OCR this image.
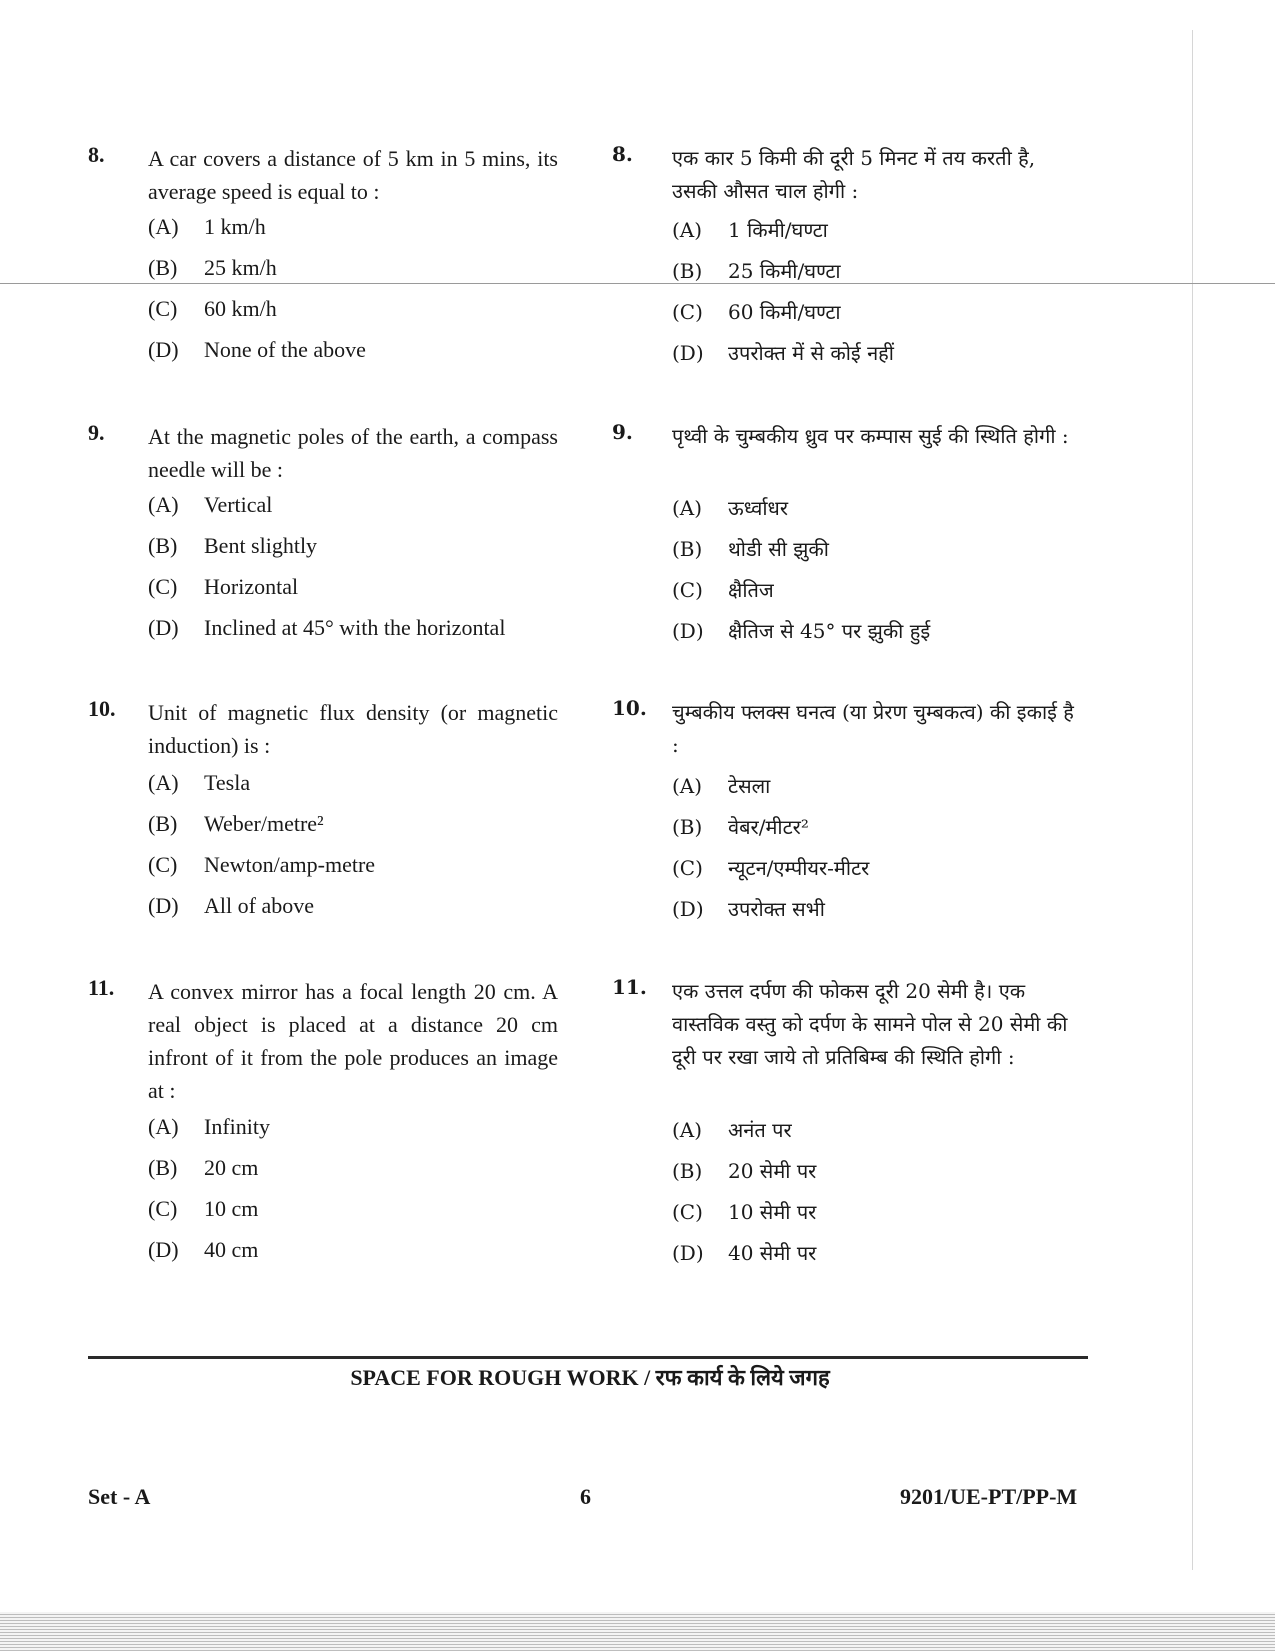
8.	A car covers a distance of 5 km in 5 mins, its average speed is equal to :
(A) 1 km/h
(B) 25 km/h
(C) 60 km/h
(D) None of the above
9.	At the magnetic poles of the earth, a compass needle will be :
(A) Vertical
(B) Bent slightly
(C) Horizontal
(D) Inclined at 45° with the horizontal
10.	Unit of magnetic flux density (or magnetic induction) is :
(A) Tesla
(B) Weber/metre²
(C) Newton/amp-metre
(D) All of above
11.	A convex mirror has a focal length 20 cm. A real object is placed at a distance 20 cm infront of it from the pole produces an image at :
(A) Infinity
(B) 20 cm
(C) 10 cm
(D) 40 cm
8.	एक कार 5 किमी की दूरी 5 मिनट में तय करती है, उसकी औसत चाल होगी :
(A) 1 किमी/घण्टा
(B) 25 किमी/घण्टा
(C) 60 किमी/घण्टा
(D) उपरोक्त में से कोई नहीं
9.	पृथ्वी के चुम्बकीय ध्रुव पर कम्पास सुई की स्थिति होगी :
(A) ऊर्ध्वाधर
(B) थोडी सी झुकी
(C) क्षैतिज
(D) क्षैतिज से 45° पर झुकी हुई
10.	चुम्बकीय फ्लक्स घनत्व (या प्रेरण चुम्बकत्व) की इकाई है :
(A) टेसला
(B) वेबर/मीटर²
(C) न्यूटन/एम्पीयर-मीटर
(D) उपरोक्त सभी
11.	एक उत्तल दर्पण की फोकस दूरी 20 सेमी है। एक वास्तविक वस्तु को दर्पण के सामने पोल से 20 सेमी की दूरी पर रखा जाये तो प्रतिबिम्ब की स्थिति होगी :
(A) अनंत पर
(B) 20 सेमी पर
(C) 10 सेमी पर
(D) 40 सेमी पर
SPACE FOR ROUGH WORK / रफ कार्य के लिये जगह
Set - A	6	9201/UE-PT/PP-M
